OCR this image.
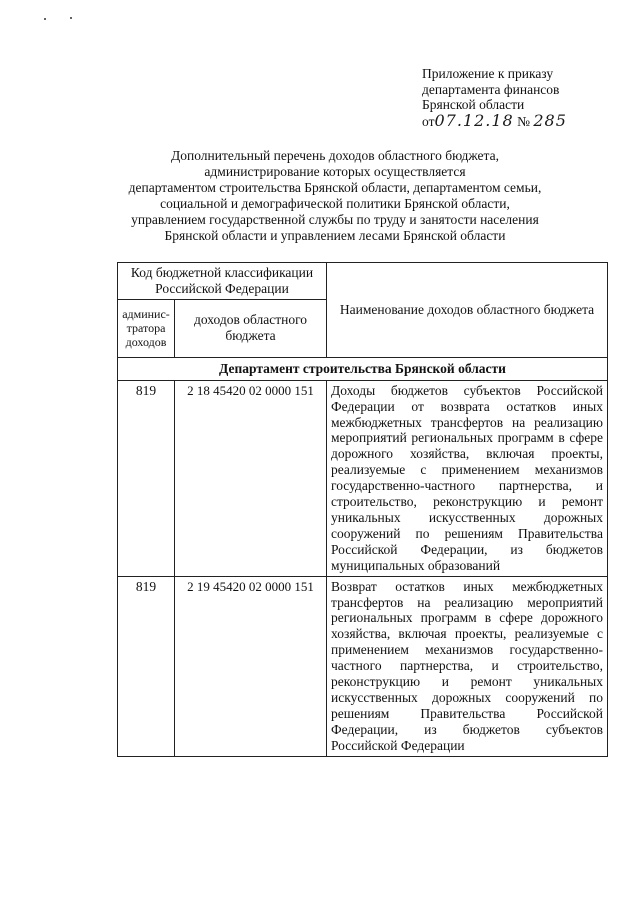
Приложение к приказу
департамента финансов
Брянской области
от07.12.18 № 285
Дополнительный перечень доходов областного бюджета,
администрирование которых осуществляется
департаментом строительства Брянской области, департаментом семьи,
социальной и демографической политики Брянской области,
управлением государственной службы по труду и занятости населения
Брянской области и управлением лесами Брянской области
Код бюджетной классификации Российской Федерации		Наименование доходов областного бюджета
админис-тратора доходов	доходов областного бюджета	
Департамент строительства Брянской области		
819	2 18 45420 02 0000 151	Доходы бюджетов субъектов Российской Федерации от возврата остатков иных межбюджетных трансфертов на реализацию мероприятий региональных программ в сфере дорожного хозяйства, включая проекты, реализуемые с применением механизмов государственно-частного партнерства, и строительство, реконструкцию и ремонт уникальных искусственных дорожных сооружений по решениям Правительства Российской Федерации, из бюджетов муниципальных образований
819	2 19 45420 02 0000 151	Возврат остатков иных межбюджетных трансфертов на реализацию мероприятий региональных программ в сфере дорожного хозяйства, включая проекты, реализуемые с применением механизмов государственно-частного партнерства, и строительство, реконструкцию и ремонт уникальных искусственных дорожных сооружений по решениям Правительства Российской Федерации, из бюджетов субъектов Российской Федерации
